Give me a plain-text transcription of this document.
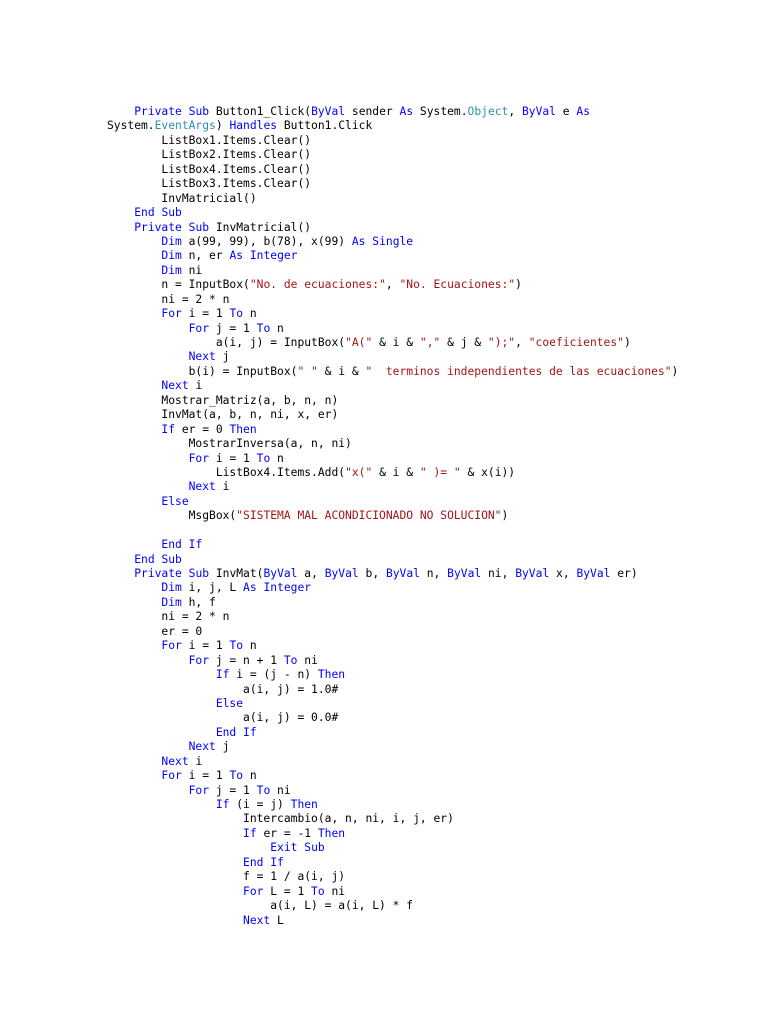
Private Sub Button1_Click(ByVal sender As System.Object, ByVal e As
System.EventArgs) Handles Button1.Click
ListBox1.Items.Clear()
ListBox2.Items.Clear()
ListBox4.Items.Clear()
ListBox3.Items.Clear()
InvMatricial()
End Sub
Private Sub InvMatricial()
Dim a(99, 99), b(78), x(99) As Single
Dim n, er As Integer
Dim ni
n = InputBox("No. de ecuaciones:", "No. Ecuaciones:")
ni = 2 * n
For i = 1 To n
For j = 1 To n
a(i, j) = InputBox("A(" & i & "," & j & ");", "coeficientes")
Next j
b(i) = InputBox(" " & i & "  terminos independientes de las ecuaciones")
Next i
Mostrar_Matriz(a, b, n, n)
InvMat(a, b, n, ni, x, er)
If er = 0 Then
MostrarInversa(a, n, ni)
For i = 1 To n
ListBox4.Items.Add("x(" & i & " )= " & x(i))
Next i
Else
MsgBox("SISTEMA MAL ACONDICIONADO NO SOLUCION")
End If
End Sub
Private Sub InvMat(ByVal a, ByVal b, ByVal n, ByVal ni, ByVal x, ByVal er)
Dim i, j, L As Integer
Dim h, f
ni = 2 * n
er = 0
For i = 1 To n
For j = n + 1 To ni
If i = (j - n) Then
a(i, j) = 1.0#
Else
a(i, j) = 0.0#
End If
Next j
Next i
For i = 1 To n
For j = 1 To ni
If (i = j) Then
Intercambio(a, n, ni, i, j, er)
If er = -1 Then
Exit Sub
End If
f = 1 / a(i, j)
For L = 1 To ni
a(i, L) = a(i, L) * f
Next L
